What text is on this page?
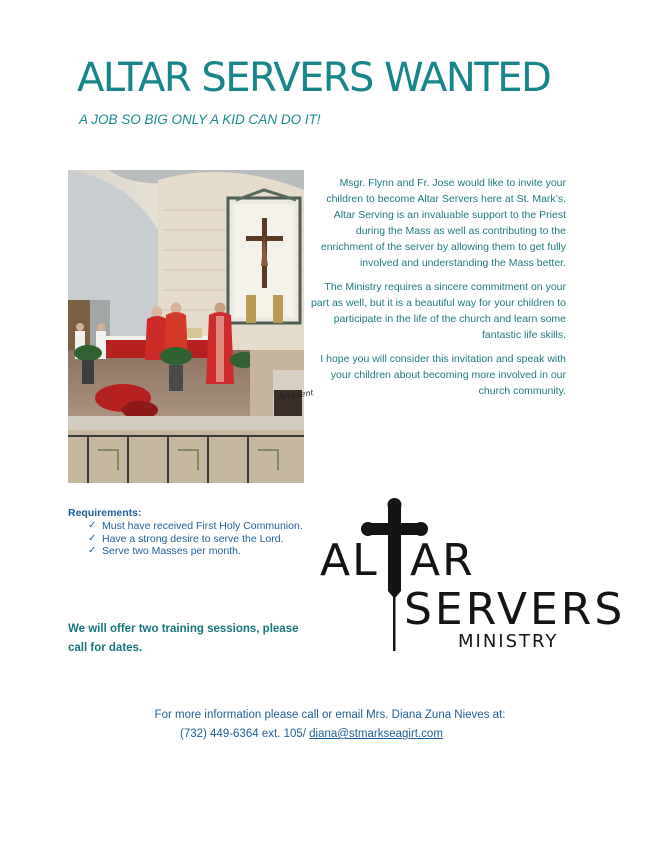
ALTAR SERVERS WANTED
A JOB SO BIG ONLY A KID CAN DO IT!
Arrepent

Msgr. Flynn and Fr. Jose would like to invite your children to become Altar Servers here at St. Mark’s. Altar Serving is an invaluable support to the Priest during the Mass as well as contributing to the enrichment of the server by allowing them to get fully involved and understanding the Mass better.

The Ministry requires a sincere commitment on your part as well, but it is a beautiful way for your children to participate in the life of the church and learn some fantastic life skills.

I hope you will consider this invitation and speak with your children about becoming more involved in our church community.

Requirements:
✓ Must have received First Holy Communion.
✓ Have a strong desire to serve the Lord.
✓ Serve two Masses per month.
We will offer two training sessions, please call for dates.
AL AR
SERVERS
MINISTRY
For more information please call or email Mrs. Diana Zuna Nieves at:
(732) 449-6364 ext. 105/ diana@stmarkseagirt.com
